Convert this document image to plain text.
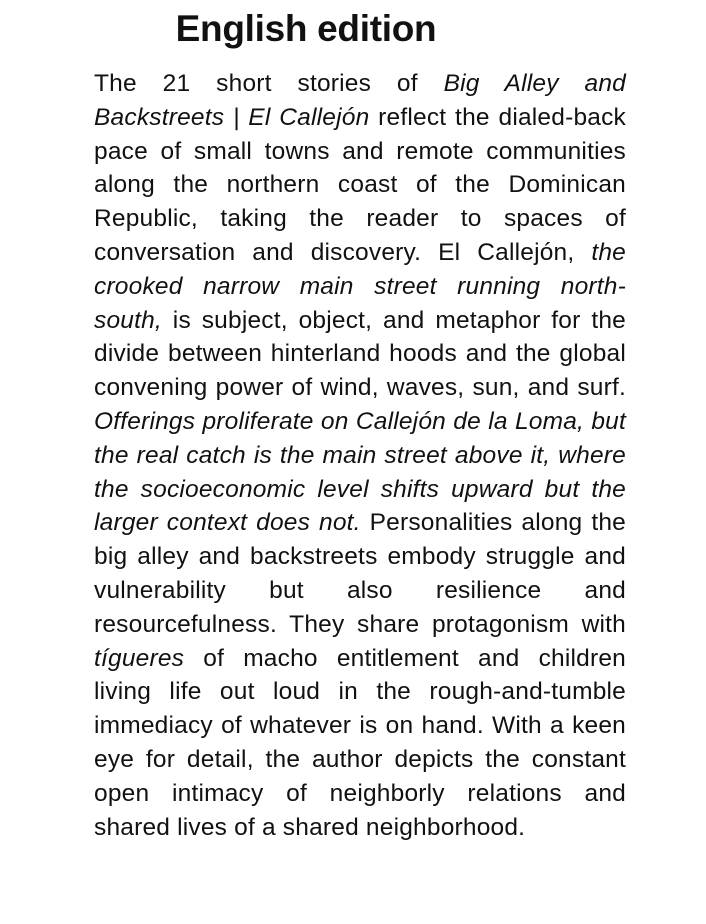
English edition

The 21 short stories of Big Alley and Backstreets | El Callejón reflect the dialed-back pace of small towns and remote communities along the northern coast of the Dominican Republic, taking the reader to spaces of conversation and discovery. El Callejón, the crooked narrow main street running north-south, is subject, object, and metaphor for the divide between hinterland hoods and the global convening power of wind, waves, sun, and surf. Offerings proliferate on Callejón de la Loma, but the real catch is the main street above it, where the socioeconomic level shifts upward but the larger context does not. Personalities along the big alley and backstreets embody struggle and vulnerability but also resilience and resourcefulness. They share protagonism with tígueres of macho entitlement and children living life out loud in the rough-and-tumble immediacy of whatever is on hand. With a keen eye for detail, the author depicts the constant open intimacy of neighborly relations and shared lives of a shared neighborhood.
